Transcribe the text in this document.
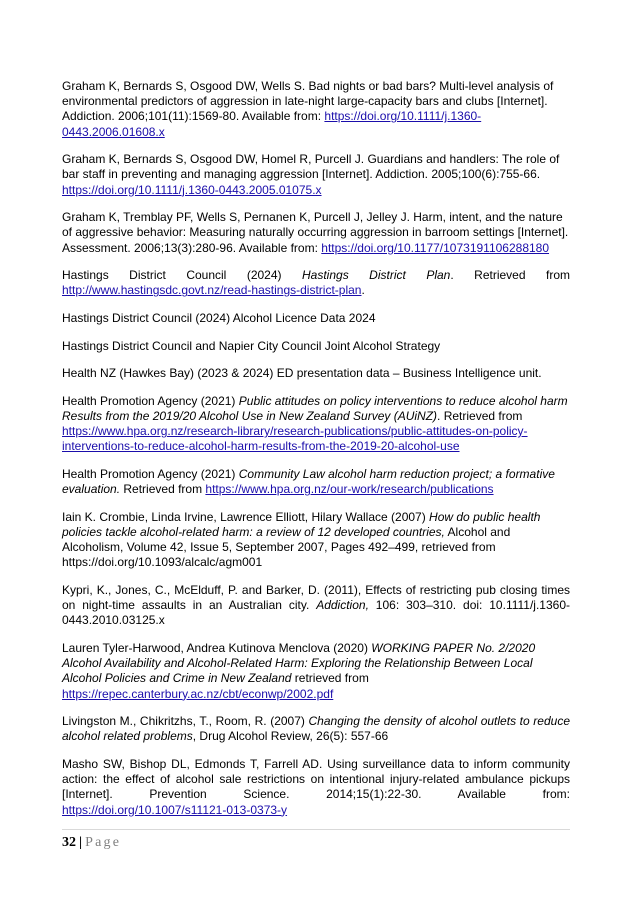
Graham K, Bernards S, Osgood DW, Wells S. Bad nights or bad bars? Multi-level analysis of environmental predictors of aggression in late-night large-capacity bars and clubs [Internet]. Addiction. 2006;101(11):1569-80. Available from: https://doi.org/10.1111/j.1360-0443.2006.01608.x

Graham K, Bernards S, Osgood DW, Homel R, Purcell J. Guardians and handlers: The role of bar staff in preventing and managing aggression [Internet]. Addiction. 2005;100(6):755-66. https://doi.org/10.1111/j.1360-0443.2005.01075.x

Graham K, Tremblay PF, Wells S, Pernanen K, Purcell J, Jelley J. Harm, intent, and the nature of aggressive behavior: Measuring naturally occurring aggression in barroom settings [Internet]. Assessment. 2006;13(3):280-96. Available from: https://doi.org/10.1177/1073191106288180

Hastings District Council (2024) Hastings District Plan. Retrieved from http://www.hastingsdc.govt.nz/read-hastings-district-plan.

Hastings District Council (2024) Alcohol Licence Data 2024

Hastings District Council and Napier City Council Joint Alcohol Strategy

Health NZ (Hawkes Bay) (2023 & 2024) ED presentation data – Business Intelligence unit.

Health Promotion Agency (2021) Public attitudes on policy interventions to reduce alcohol harm Results from the 2019/20 Alcohol Use in New Zealand Survey (AUiNZ). Retrieved from https://www.hpa.org.nz/research-library/research-publications/public-attitudes-on-policy-interventions-to-reduce-alcohol-harm-results-from-the-2019-20-alcohol-use

Health Promotion Agency (2021) Community Law alcohol harm reduction project; a formative evaluation. Retrieved from https://www.hpa.org.nz/our-work/research/publications

Iain K. Crombie, Linda Irvine, Lawrence Elliott, Hilary Wallace (2007) How do public health policies tackle alcohol-related harm: a review of 12 developed countries, Alcohol and Alcoholism, Volume 42, Issue 5, September 2007, Pages 492–499, retrieved from https://doi.org/10.1093/alcalc/agm001

Kypri, K., Jones, C., McElduff, P. and Barker, D. (2011), Effects of restricting pub closing times on night-time assaults in an Australian city. Addiction, 106: 303–310. doi: 10.1111/j.1360-0443.2010.03125.x

Lauren Tyler-Harwood, Andrea Kutinova Menclova (2020) WORKING PAPER No. 2/2020 Alcohol Availability and Alcohol-Related Harm: Exploring the Relationship Between Local Alcohol Policies and Crime in New Zealand retrieved from https://repec.canterbury.ac.nz/cbt/econwp/2002.pdf

Livingston M., Chikritzhs, T., Room, R. (2007) Changing the density of alcohol outlets to reduce alcohol related problems, Drug Alcohol Review, 26(5): 557-66

Masho SW, Bishop DL, Edmonds T, Farrell AD. Using surveillance data to inform community action: the effect of alcohol sale restrictions on intentional injury-related ambulance pickups [Internet]. Prevention Science. 2014;15(1):22-30. Available from: https://doi.org/10.1007/s11121-013-0373-y

32 | Page
